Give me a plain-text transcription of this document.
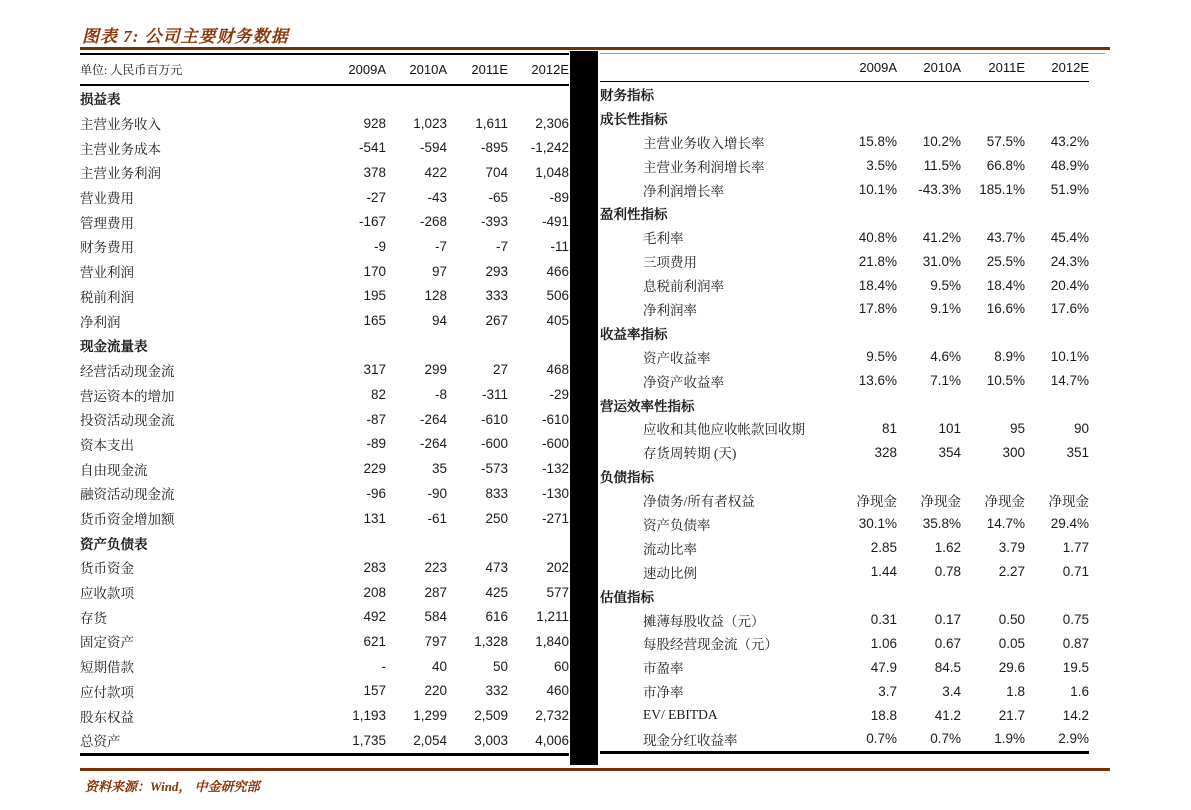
图表 7: 公司主要财务数据
单位: 人民币百万元	2009A	2010A	2011E	2012E
损益表
主营业务收入	928	1,023	1,611	2,306
主营业务成本	-541	-594	-895	-1,242
主营业务利润	378	422	704	1,048
营业费用	-27	-43	-65	-89
管理费用	-167	-268	-393	-491
财务费用	-9	-7	-7	-11
营业利润	170	97	293	466
税前利润	195	128	333	506
净利润	165	94	267	405
现金流量表
经营活动现金流	317	299	27	468
营运资本的增加	82	-8	-311	-29
投资活动现金流	-87	-264	-610	-610
资本支出	-89	-264	-600	-600
自由现金流	229	35	-573	-132
融资活动现金流	-96	-90	833	-130
货币资金增加额	131	-61	250	-271
资产负债表
货币资金	283	223	473	202
应收款项	208	287	425	577
存货	492	584	616	1,211
固定资产	621	797	1,328	1,840
短期借款	-	40	50	60
应付款项	157	220	332	460
股东权益	1,193	1,299	2,509	2,732
总资产	1,735	2,054	3,003	4,006
2009A	2010A	2011E	2012E
财务指标
成长性指标
主营业务收入增长率	15.8%	10.2%	57.5%	43.2%
主营业务利润增长率	3.5%	11.5%	66.8%	48.9%
净利润增长率	10.1%	-43.3%	185.1%	51.9%
盈利性指标
毛利率	40.8%	41.2%	43.7%	45.4%
三项费用	21.8%	31.0%	25.5%	24.3%
息税前利润率	18.4%	9.5%	18.4%	20.4%
净利润率	17.8%	9.1%	16.6%	17.6%
收益率指标
资产收益率	9.5%	4.6%	8.9%	10.1%
净资产收益率	13.6%	7.1%	10.5%	14.7%
营运效率性指标
应收和其他应收帐款回收期	81	101	95	90
存货周转期 (天)	328	354	300	351
负债指标
净债务/所有者权益	净现金	净现金	净现金	净现金
资产负债率	30.1%	35.8%	14.7%	29.4%
流动比率	2.85	1.62	3.79	1.77
速动比例	1.44	0.78	2.27	0.71
估值指标
摊薄每股收益（元）	0.31	0.17	0.50	0.75
每股经营现金流（元）	1.06	0.67	0.05	0.87
市盈率	47.9	84.5	29.6	19.5
市净率	3.7	3.4	1.8	1.6
EV/ EBITDA	18.8	41.2	21.7	14.2
现金分红收益率	0.7%	0.7%	1.9%	2.9%
资料来源：Wind， 中金研究部
